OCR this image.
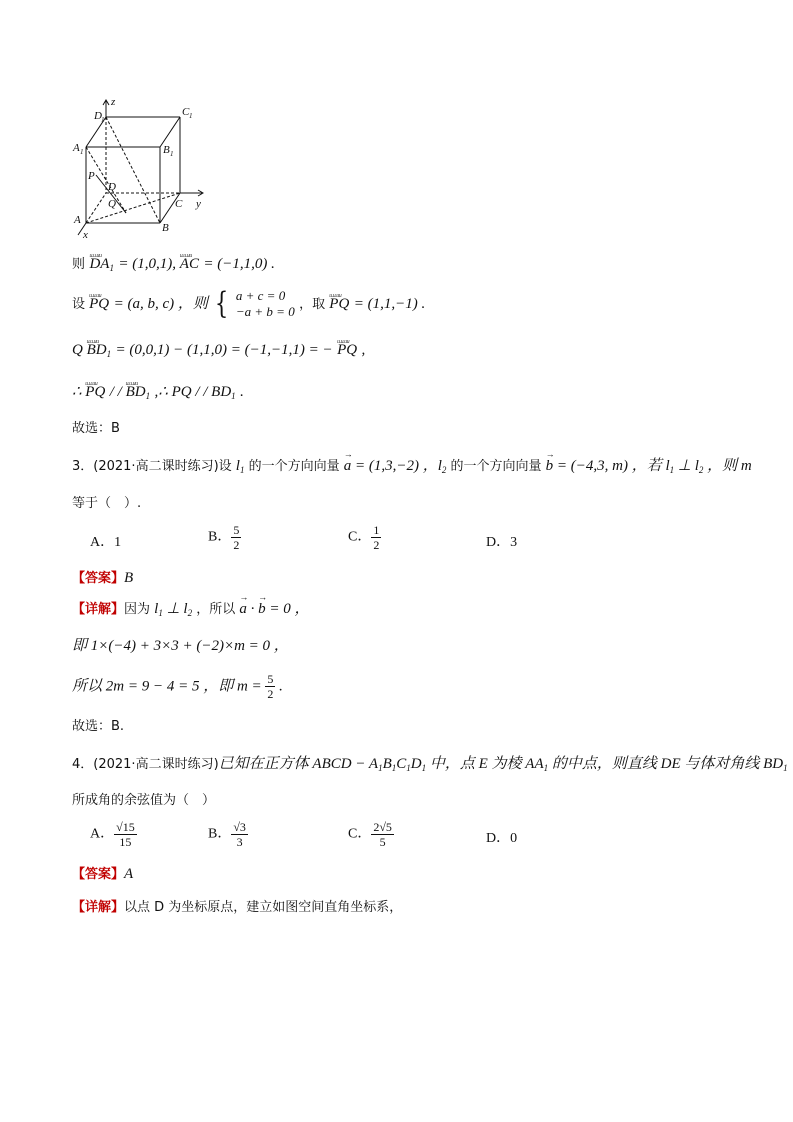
D 1
C 1
A 1	B 1
P
D
Q	C
A
B
x
y
z
则 u.u.uu $DA_1 = (1,0,1)$, u.u.uu AC = (−1,1,0) .
设 u.u.uu PQ = (a, b, c) ，则 { a + c = 0
−a + b = 0 ，取 u.u.uu PQ = (1,1,−1) .
Q u.u.uu $BD_1 = (0,0,1) - (1,1,0) = (-1,-1,1)$ = − u.u.uu PQ ,
∴ u.u.uu PQ / / u.u.uu $BD_1$ ,∴ PQ / / $BD_1$ .
故选：B
3．(2021·高二课时练习)设 $l_1$ 的一个方向向量 → a = (1,3,−2) ，$l_2$ 的一个方向向量 → b = (−4,3, m) ，若 $l_1$ ⊥ $l_2$ ，则 m
等于（　）.
A．1	B． $\frac{5}{2}$	C． $\frac{1}{2}$	D．3
【答案】B
【详解】因为 $l_1$ ⊥ $l_2$ ，所以 → a · → b = 0 ，
即 1×(−4) + 3×3 + (−2)×m = 0 ，
所以 2m = 9 − 4 = 5 ，即 $m = \frac{5}{2}$ .
故选：B.
4．(2021·高二课时练习)已知在正方体 ABCD − $A_1B_1C_1D_1$ 中，点 E 为棱 $AA_1$ 的中点，则直线 DE 与体对角线 $BD_1$
所成角的余弦值为（　）
A． $\frac{√15}{15}$	B． $\frac{√3}{3}$	C． $\frac{2√5}{5}$	D．0
【答案】A
【详解】以点 D 为坐标原点，建立如图空间直角坐标系，
